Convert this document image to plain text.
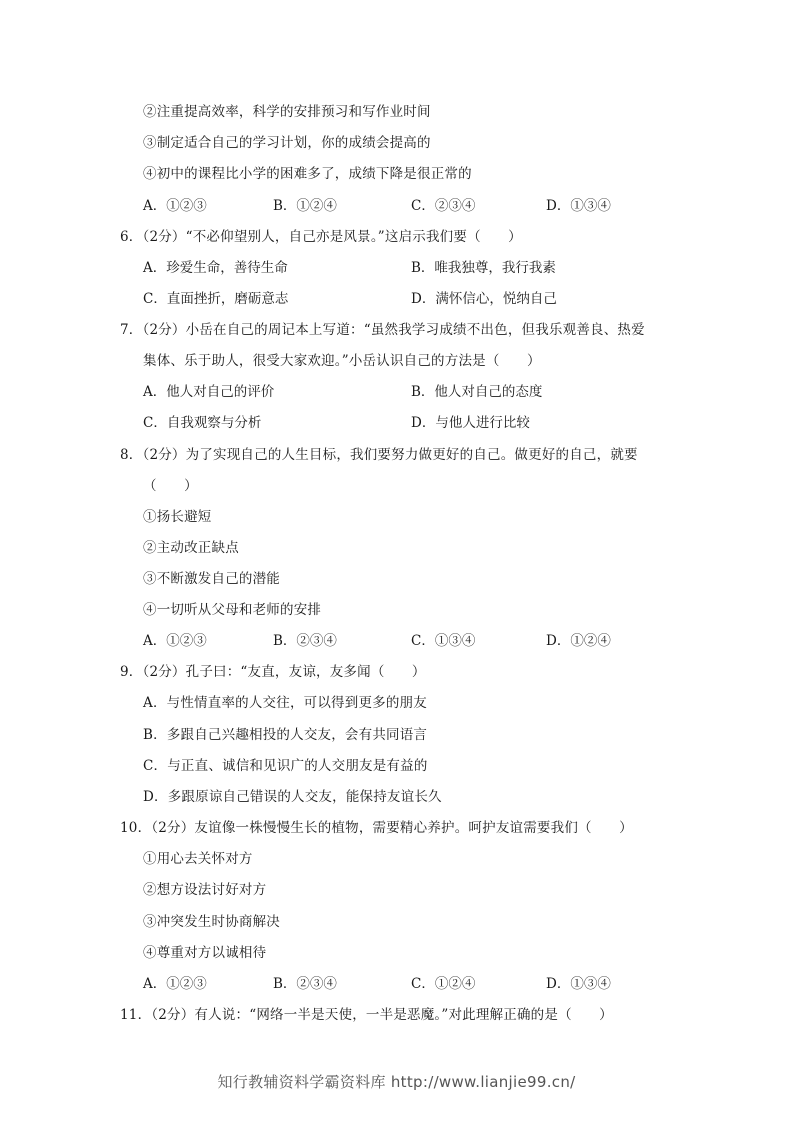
②注重提高效率，科学的安排预习和写作业时间
③制定适合自己的学习计划，你的成绩会提高的
④初中的课程比小学的困难多了，成绩下降是很正常的
A．①②③	B．①②④	C．②③④	D．①③④
6．（2分）“不必仰望别人，自己亦是风景。”这启示我们要（　　）
A．珍爱生命，善待生命	B．唯我独尊，我行我素
C．直面挫折，磨砺意志	D．满怀信心，悦纳自己
7．（2分）小岳在自己的周记本上写道：“虽然我学习成绩不出色，但我乐观善良、热爱
集体、乐于助人，很受大家欢迎。”小岳认识自己的方法是（　　）
A．他人对自己的评价	B．他人对自己的态度
C．自我观察与分析	D．与他人进行比较
8．（2分）为了实现自己的人生目标，我们要努力做更好的自己。做更好的自己，就要
（　　）
①扬长避短
②主动改正缺点
③不断激发自己的潜能
④一切听从父母和老师的安排
A．①②③	B．②③④	C．①③④	D．①②④
9．（2分）孔子曰：“友直，友谅，友多闻（　　）
A．与性情直率的人交往，可以得到更多的朋友
B．多跟自己兴趣相投的人交友，会有共同语言
C．与正直、诚信和见识广的人交朋友是有益的
D．多跟原谅自己错误的人交友，能保持友谊长久
10．（2分）友谊像一株慢慢生长的植物，需要精心养护。呵护友谊需要我们（　　）
①用心去关怀对方
②想方设法讨好对方
③冲突发生时协商解决
④尊重对方以诚相待
A．①②③	B．②③④	C．①②④	D．①③④
11．（2分）有人说：“网络一半是天使，一半是恶魔。”对此理解正确的是（　　）
知行教辅资料学霸资料库 http://www.lianjie99.cn/
